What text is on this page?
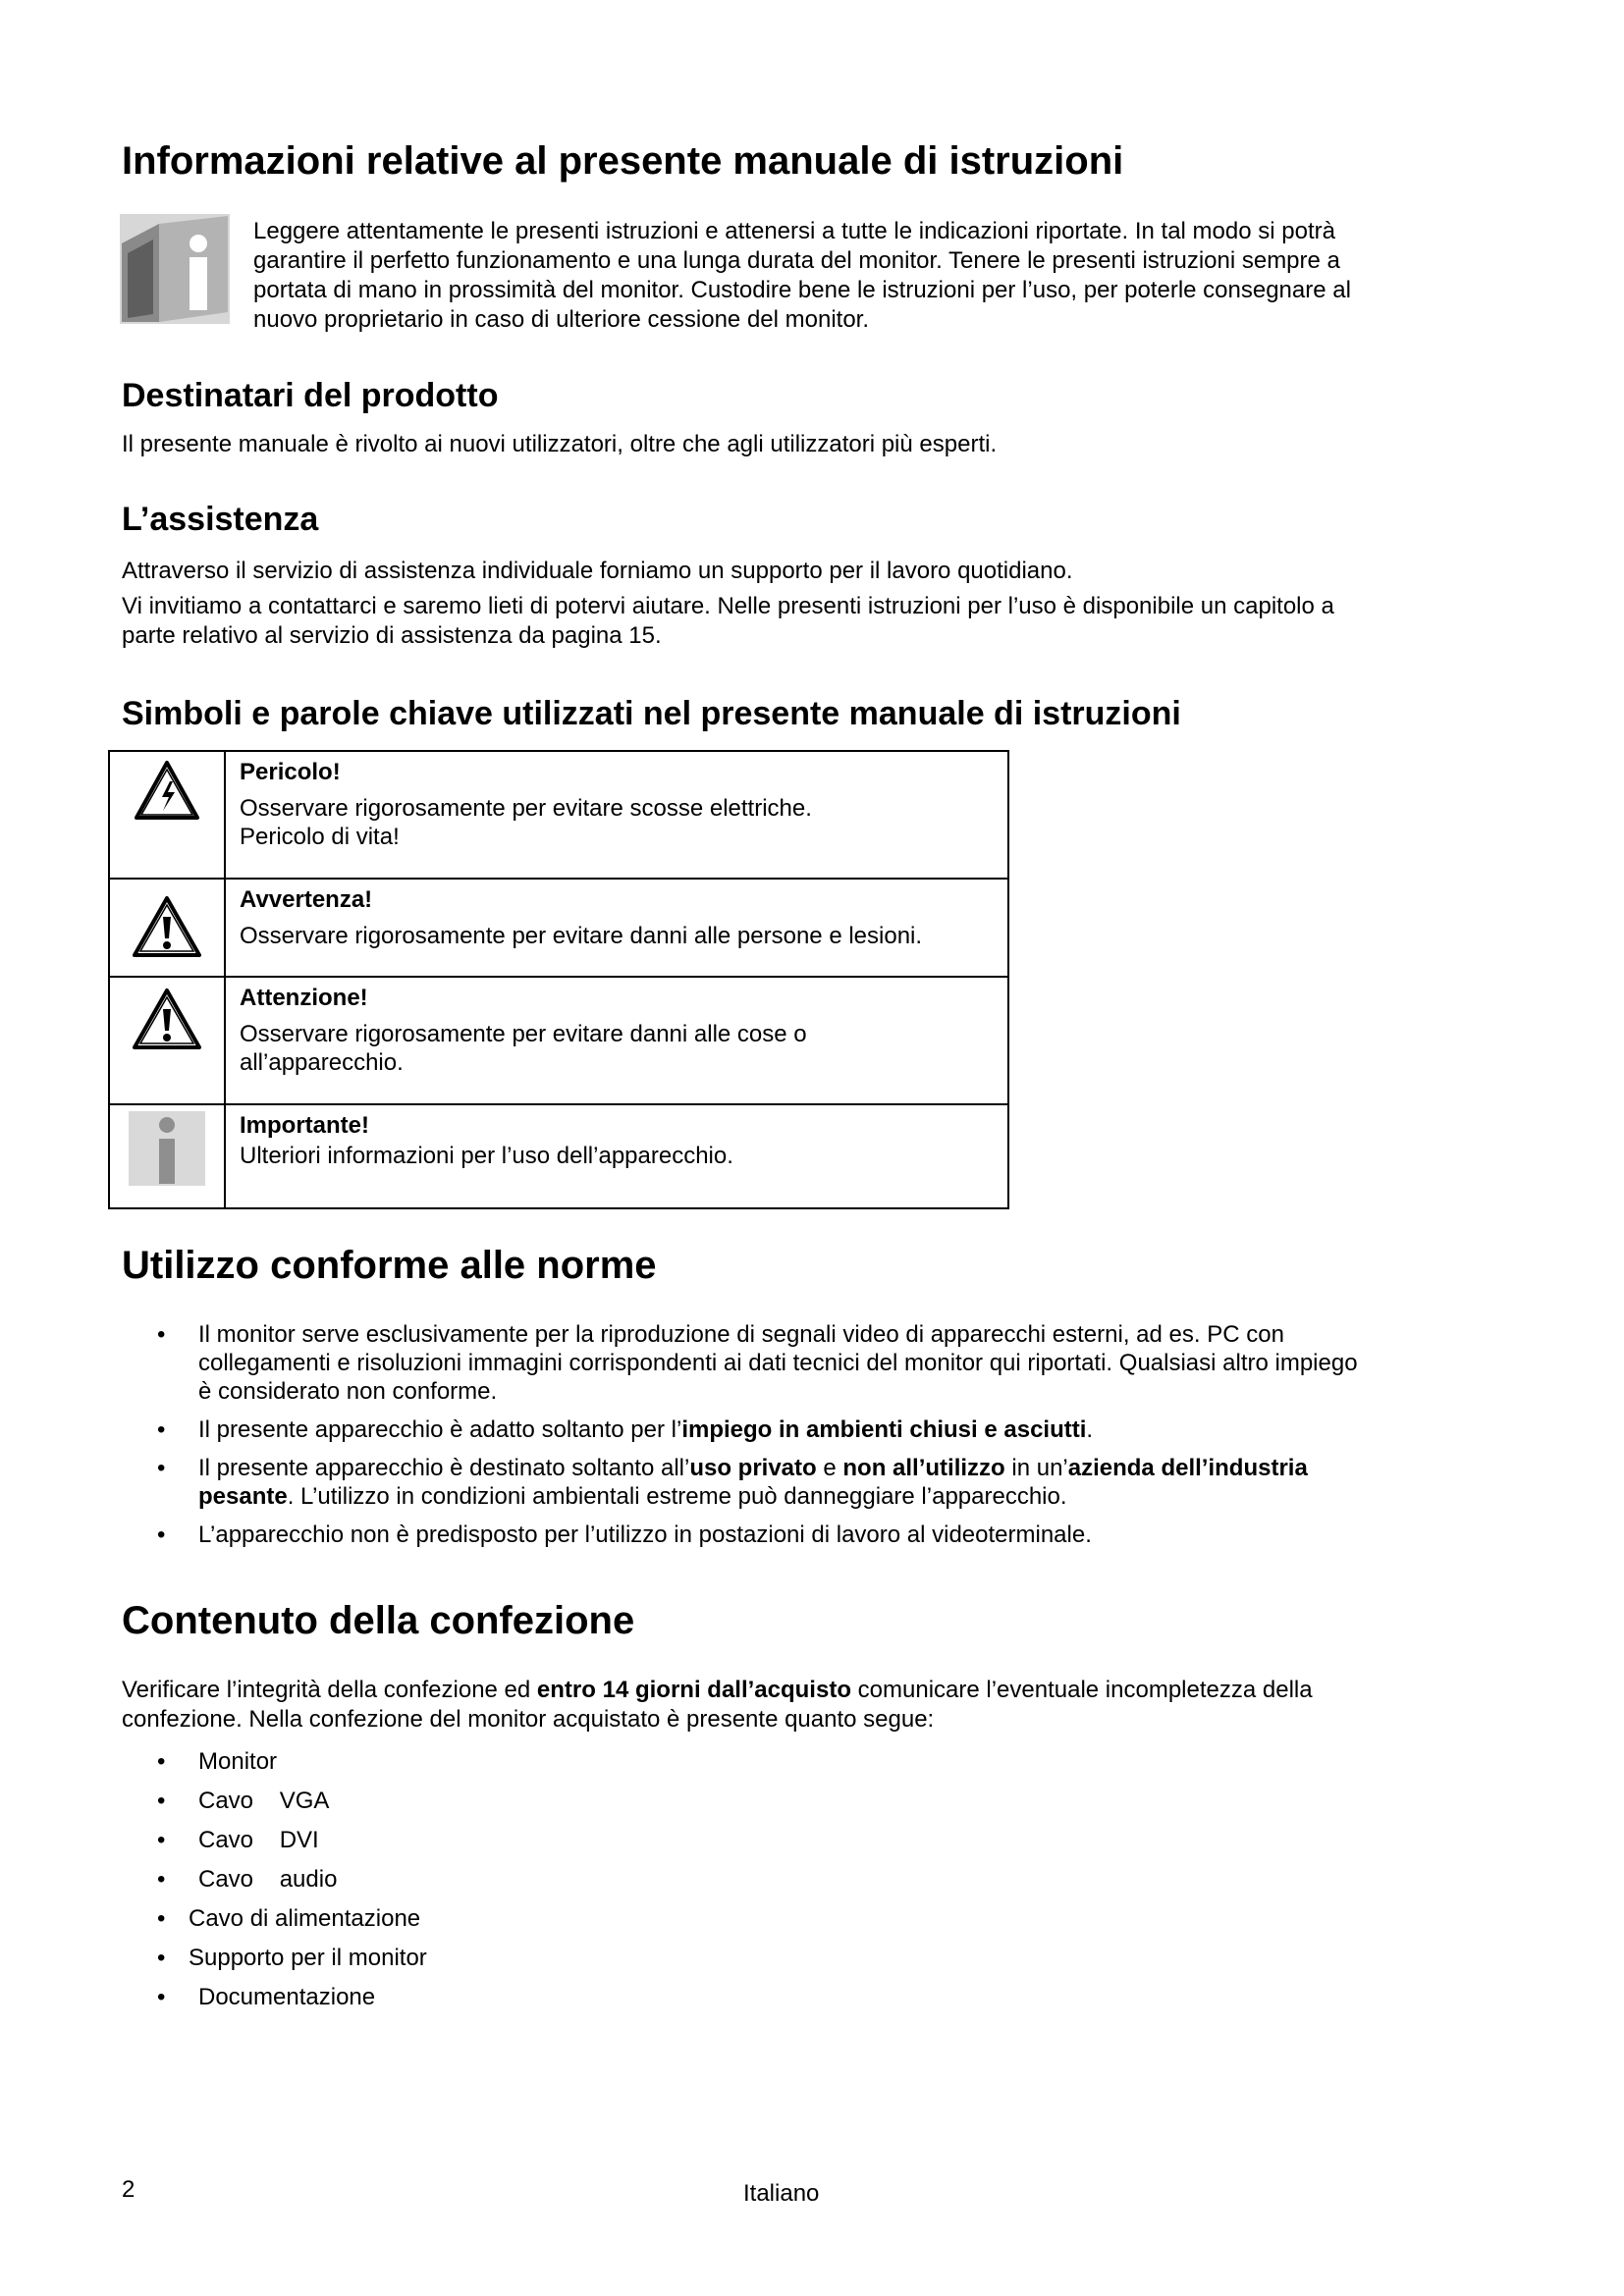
Informazioni relative al presente manuale di istruzioni

Leggere attentamente le presenti istruzioni e attenersi a tutte le indicazioni riportate. In tal modo si potrà

garantire il perfetto funzionamento e una lunga durata del monitor. Tenere le presenti istruzioni sempre a

portata di mano in prossimità del monitor. Custodire bene le istruzioni per l’uso, per poterle consegnare al

nuovo proprietario in caso di ulteriore cessione del monitor.

Destinatari del prodotto

Il presente manuale è rivolto ai nuovi utilizzatori, oltre che agli utilizzatori più esperti.

L’assistenza

Attraverso il servizio di assistenza individuale forniamo un supporto per il lavoro quotidiano.

Vi invitiamo a contattarci e saremo lieti di potervi aiutare. Nelle presenti istruzioni per l’uso è disponibile un capitolo a

parte relativo al servizio di assistenza da pagina 15.

Simboli e parole chiave utilizzati nel presente manuale di istruzioni

Pericolo!
Osservare rigorosamente per evitare scosse elettriche.
Pericolo di vita!

Avvertenza!
Osservare rigorosamente per evitare danni alle persone e lesioni.

Attenzione!
Osservare rigorosamente per evitare danni alle cose o
all’apparecchio.

Importante!
Ulteriori informazioni per l’uso dell’apparecchio.
Utilizzo conforme alle norme
• Il monitor serve esclusivamente per la riproduzione di segnali video di apparecchi esterni, ad es. PC con
collegamenti e risoluzioni immagini corrispondenti ai dati tecnici del monitor qui riportati. Qualsiasi altro impiego
è considerato non conforme.
• Il presente apparecchio è adatto soltanto per l’impiego in ambienti chiusi e asciutti.
• Il presente apparecchio è destinato soltanto all’uso privato e non all’utilizzo in un’azienda dell’industria
pesante. L’utilizzo in condizioni ambientali estreme può danneggiare l’apparecchio.
• L’apparecchio non è predisposto per l’utilizzo in postazioni di lavoro al videoterminale.
Contenuto della confezione

Verificare l’integrità della confezione ed entro 14 giorni dall’acquisto comunicare l’eventuale incompletezza della

confezione. Nella confezione del monitor acquistato è presente quanto segue:

• Monitor
• Cavo    VGA
• Cavo    DVI
• Cavo    audio
• Cavo di alimentazione
• Supporto per il monitor
• Documentazione
2	Italiano
